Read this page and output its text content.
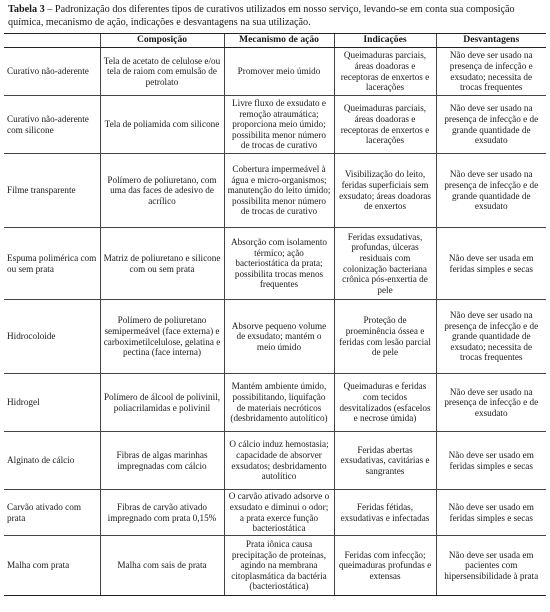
Tabela 3 – Padronização dos diferentes tipos de curativos utilizados em nosso serviço, levando-se em conta sua composição química, mecanismo de ação, indicações e desvantagens na sua utilização.
	Composição	Mecanismo de ação	Indicações	Desvantagens
Curativo não-aderente	Tela de acetato de celulose e/ou tela de raiom com emulsão de petrolato	Promover meio úmido	Queimaduras parciais, áreas doadoras e receptoras de enxertos e lacerações	Não deve ser usado na presença de infecção e exsudato; necessita de trocas frequentes
Curativo não-aderente com silicone	Tela de poliamida com silicone	Livre fluxo de exsudato e remoção atraumática; proporciona meio úmido; possibilita menor número de trocas de curativo	Queimaduras parciais, áreas doadoras e receptoras de enxertos e lacerações	Não deve ser usado na presença de infecção e de grande quantidade de exsudato
Filme transparente	Polímero de poliuretano, com uma das faces de adesivo de acrílico	Cobertura impermeável à água e micro-organismos; manutenção do leito úmido; possibilita menor número de trocas de curativo	Visibilização do leito, feridas superficiais sem exsudato; áreas doadoras de enxertos	Não deve ser usado na presença de infecção e de grande quantidade de exsudato
Espuma polimérica com ou sem prata	Matriz de poliuretano e silicone com ou sem prata	Absorção com isolamento térmico; ação bacteriostática da prata; possibilita trocas menos frequentes	Feridas exsudativas, profundas, úlceras residuais com colonização bacteriana crônica pós-enxertia de pele	Não deve ser usada em feridas simples e secas
Hidrocoloide	Polímero de poliuretano semipermeável (face externa) e carboximetilcelulose, gelatina e pectina (face interna)	Absorve pequeno volume de exsudato; mantém o meio úmido	Proteção de proeminência óssea e feridas com lesão parcial de pele	Não deve ser usado na presença de infecção e de grande quantidade de exsudato; necessita de trocas frequentes
Hidrogel	Polímero de álcool de polivinil, poliacrilamidas e polivinil	Mantém ambiente úmido, possibilitando, liquifação de materiais necróticos (desbridamento autolítico)	Queimaduras e feridas com tecidos desvitalizados (esfacelos e necrose úmida)	Não deve ser usado na presença de infecção e de exsudato
Alginato de cálcio	Fibras de algas marinhas impregnadas com cálcio	O cálcio induz hemostasia; capacidade de absorver exsudatos; desbridamento autolítico	Feridas abertas exsudativas, cavitárias e sangrantes	Não deve ser usado em feridas simples e secas
Carvão ativado com prata	Fibras de carvão ativado impregnado com prata 0,15%	O carvão ativado adsorve o exsudato e diminui o odor; a prata exerce função bacteriostática	Feridas fétidas, exsudativas e infectadas	Não deve ser usado em feridas simples e secas
Malha com prata	Malha com sais de prata	Prata iônica causa precipitação de proteínas, agindo na membrana citoplasmática da bactéria (bacteriostática)	Feridas com infecção; queimaduras profundas e extensas	Não deve ser usada em pacientes com hipersensibilidade à prata
